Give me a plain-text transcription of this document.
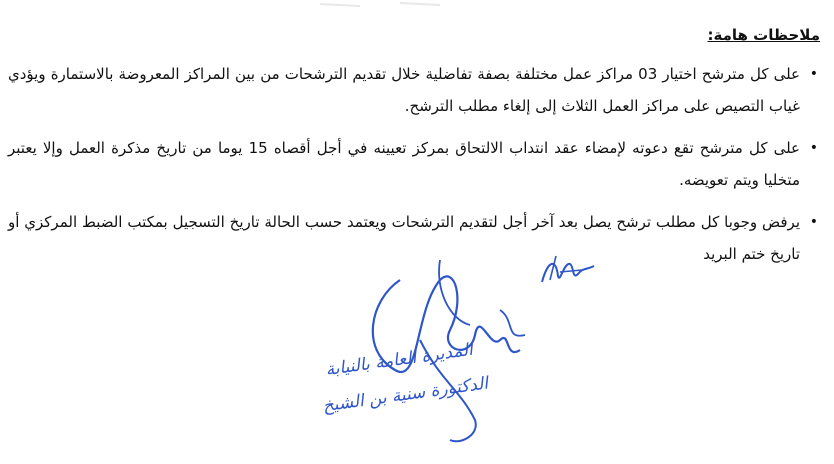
ملاحظات هامة:
•
على كل مترشح اختيار 03 مراكز عمل مختلفة بصفة تفاضلية خلال تقديم الترشحات من بين المراكز المعروضة بالاستمارة ويؤدي غياب التصيص على مراكز العمل الثلاث إلى إلغاء مطلب الترشح.
•
على كل مترشح تقع دعوته لإمضاء عقد انتداب الالتحاق بمركز تعيينه في أجل أقصاه 15 يوما من تاريخ مذكرة العمل وإلا يعتبر متخليا ويتم تعويضه.
•
يرفض وجوبا كل مطلب ترشح يصل بعد آخر أجل لتقديم الترشحات ويعتمد حسب الحالة تاريخ التسجيل بمكتب الضبط المركزي أو تاريخ ختم البريد
المديرة العامة بالنيابة
الدكتورة سنية بن الشيخ
